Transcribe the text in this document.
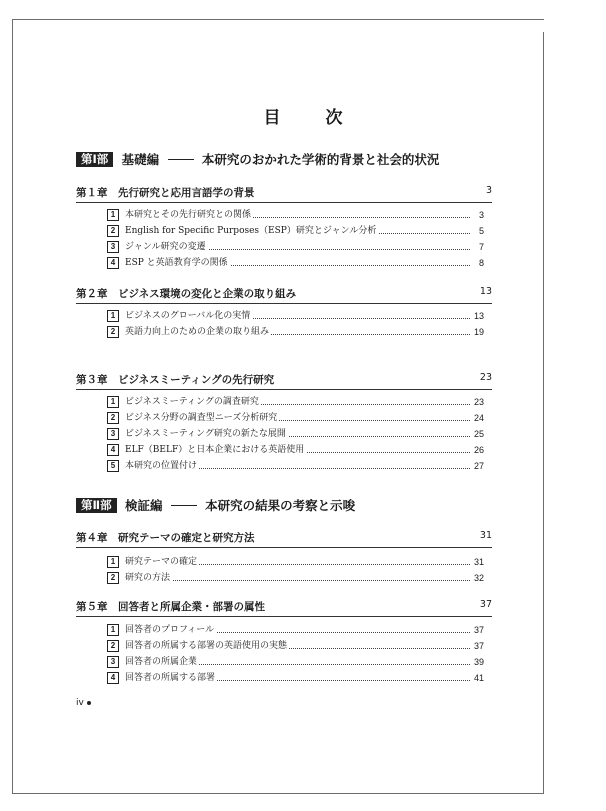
目　次
第Ⅰ部 基礎編	本研究のおかれた学術的背景と社会的状況
第１章　先行研究と応用言語学の背景	3
1	本研究とその先行研究との関係	3
2	English for Specific Purposes（ESP）研究とジャンル分析	5
3	ジャンル研究の変遷	7
4	ESP と英語教育学の関係	8
第２章　ビジネス環境の変化と企業の取り組み	13
1	ビジネスのグローバル化の実情	13
2	英語力向上のための企業の取り組み	19
第３章　ビジネスミーティングの先行研究	23
1	ビジネスミーティングの調査研究	23
2	ビジネス分野の調査型ニーズ分析研究	24
3	ビジネスミーティング研究の新たな展開	25
4	ELF（BELF）と日本企業における英語使用	26
5	本研究の位置付け	27
第Ⅱ部 検証編	本研究の結果の考察と示唆
第４章　研究テーマの確定と研究方法	31
1	研究テーマの確定	31
2	研究の方法	32
第５章　回答者と所属企業・部署の属性	37
1	回答者のプロフィール	37
2	回答者の所属する部署の英語使用の実態	37
3	回答者の所属企業	39
4	回答者の所属する部署	41
iv
